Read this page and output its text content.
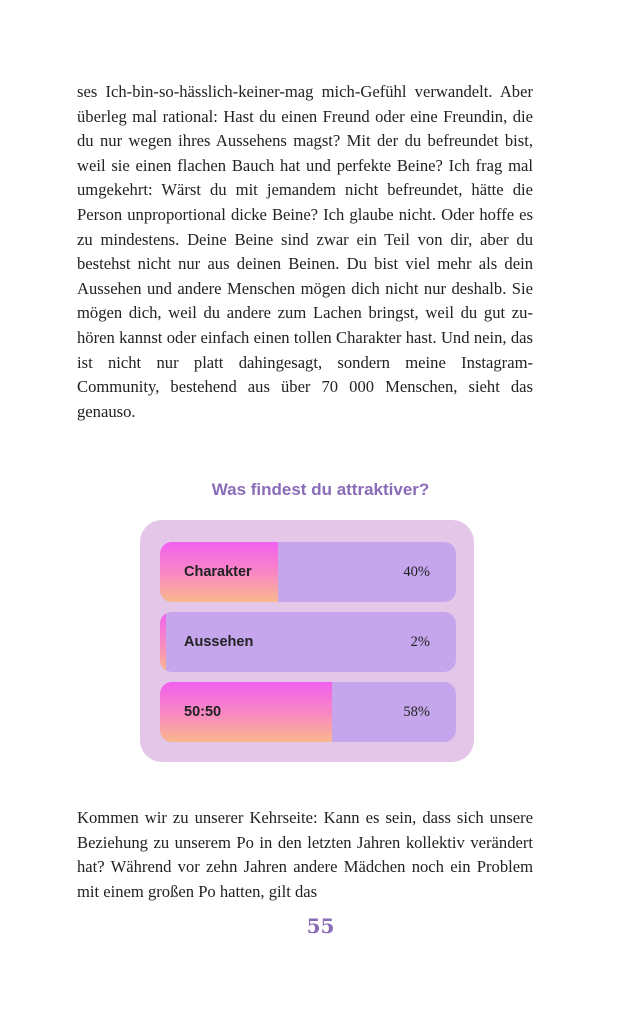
ses Ich-bin-so-hässlich-keiner-mag mich-Gefühl verwandelt. Aber überleg mal rational: Hast du einen Freund oder eine Freundin, die du nur wegen ihres Aussehens magst? Mit der du befreundet bist, weil sie einen flachen Bauch hat und perfekte Beine? Ich frag mal umgekehrt: Wärst du mit jemandem nicht befreundet, hätte die Person unproportional dicke Beine? Ich glaube nicht. Oder hoffe es zu mindestens. Deine Beine sind zwar ein Teil von dir, aber du bestehst nicht nur aus deinen Beinen. Du bist viel mehr als dein Aussehen und andere Menschen mögen dich nicht nur deshalb. Sie mögen dich, weil du andere zum Lachen bringst, weil du gut zuhören kannst oder einfach einen tollen Charakter hast. Und nein, das ist nicht nur platt dahingesagt, sondern meine Instagram-Community, bestehend aus über 70 000 Menschen, sieht das genauso.

Was findest du attraktiver?
Charakter	40%
Aussehen	2%
50:50	58%

Kommen wir zu unserer Kehrseite: Kann es sein, dass sich unsere Beziehung zu unserem Po in den letzten Jahren kollektiv verändert hat? Während vor zehn Jahren andere Mädchen noch ein Problem mit einem großen Po hatten, gilt das

55
